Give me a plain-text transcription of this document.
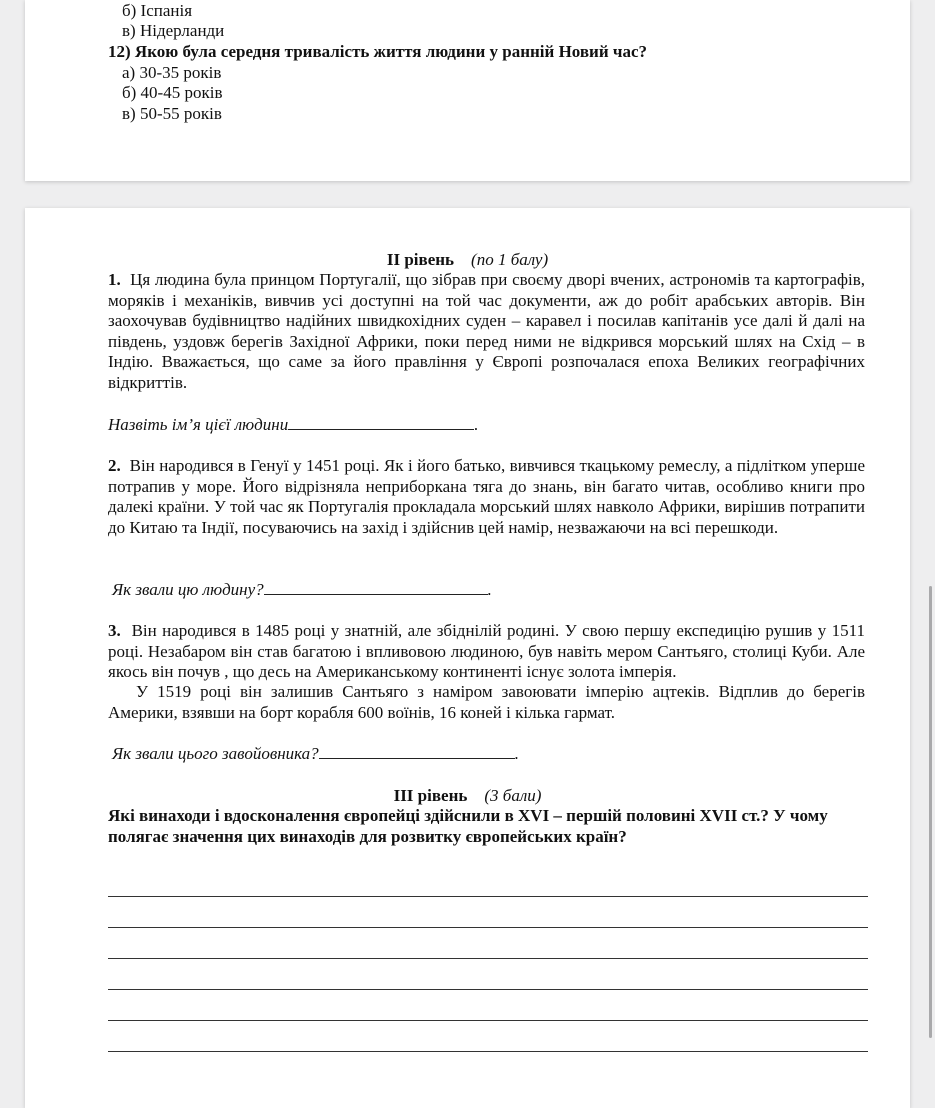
б) Іспанія
в) Нідерланди
12) Якою була середня тривалість життя людини у ранній Новий час?
а) 30-35 років
б) 40-45 років
в) 50-55 років
II рівень (по 1 балу)
1. Ця людина була принцом Португалії, що зібрав при своєму дворі вчених, астрономів та картографів, моряків і механіків, вивчив усі доступні на той час документи, аж до робіт арабських авторів. Він заохочував будівництво надійних швидкохідних суден – каравел і посилав капітанів усе далі й далі на південь, уздовж берегів Західної Африки, поки перед ними не відкрився морський шлях на Схід – в Індію. Вважається, що саме за його правління у Європі розпочалася епоха Великих географічних відкриттів.
Назвіть ім’я цієї людини	.
2. Він народився в Генуї у 1451 році. Як і його батько, вивчився ткацькому ремеслу, а підлітком уперше потрапив у море. Його відрізняла неприборкана тяга до знань, він багато читав, особливо книги про далекі країни. У той час як Португалія прокладала морський шлях навколо Африки, вирішив потрапити до Китаю та Індії, посуваючись на захід і здійснив цей намір, незважаючи на всі перешкоди.
Як звали цю людину?	.
3. Він народився в 1485 році у знатній, але збіднілій родині. У свою першу експедицію рушив у 1511 році. Незабаром він став багатою і впливовою людиною, був навіть мером Сантьяго, столиці Куби. Але якось він почув , що десь на Американському континенті існує золота імперія.
У 1519 році він залишив Сантьяго з наміром завоювати імперію ацтеків. Відплив до берегів Америки, взявши на борт корабля 600 воїнів, 16 коней і кілька гармат.
Як звали цього завойовника?	.
III рівень (3 бали)
Які винаходи і вдосконалення європейці здійснили в XVI – першій половині XVII ст.? У чому полягає значення цих винаходів для розвитку європейських країн?
